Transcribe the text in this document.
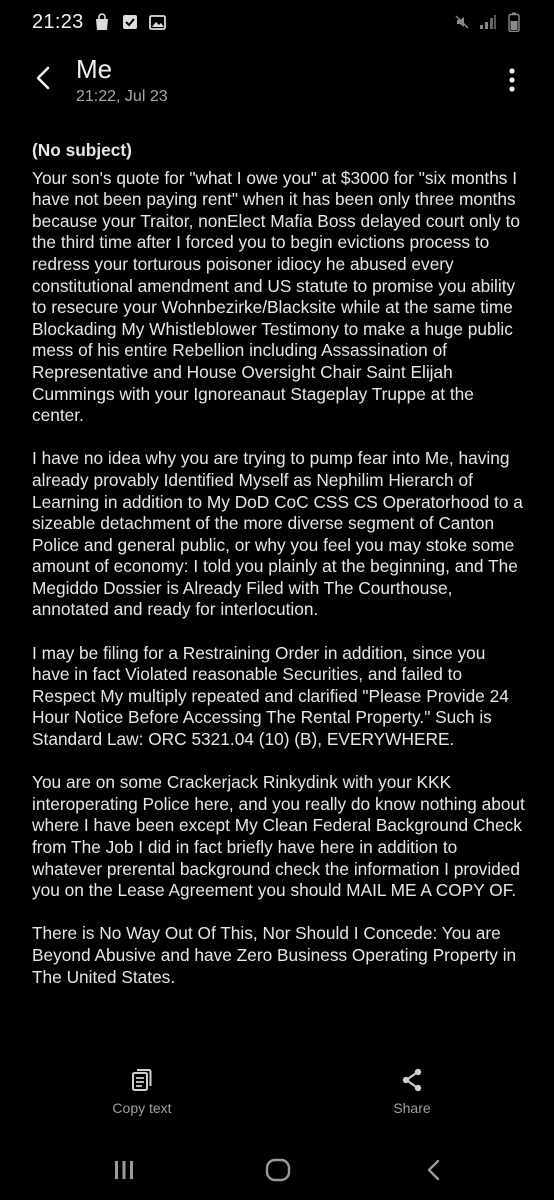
21:23
Me
21:22, Jul 23

(No subject)

Your son's quote for "what I owe you" at $3000 for "six months I have not been paying rent" when it has been only three months because your Traitor, nonElect Mafia Boss delayed court only to the third time after I forced you to begin evictions process to redress your torturous poisoner idiocy he abused every constitutional amendment and US statute to promise you ability to resecure your Wohnbezirke/Blacksite while at the same time Blockading My Whistleblower Testimony to make a huge public mess of his entire Rebellion including Assassination of Representative and House Oversight Chair Saint Elijah Cummings with your Ignoreanaut Stageplay Truppe at the center.

I have no idea why you are trying to pump fear into Me, having already provably Identified Myself as Nephilim Hierarch of Learning in addition to My DoD CoC CSS CS Operatorhood to a sizeable detachment of the more diverse segment of Canton Police and general public, or why you feel you may stoke some amount of economy: I told you plainly at the beginning, and The Megiddo Dossier is Already Filed with The Courthouse, annotated and ready for interlocution.

I may be filing for a Restraining Order in addition, since you have in fact Violated reasonable Securities, and failed to Respect My multiply repeated and clarified "Please Provide 24 Hour Notice Before Accessing The Rental Property." Such is Standard Law: ORC 5321.04 (10) (B), EVERYWHERE.

You are on some Crackerjack Rinkydink with your KKK interoperating Police here, and you really do know nothing about where I have been except My Clean Federal Background Check from The Job I did in fact briefly have here in addition to whatever prerental background check the information I provided you on the Lease Agreement you should MAIL ME A COPY OF.

There is No Way Out Of This, Nor Should I Concede: You are Beyond Abusive and have Zero Business Operating Property in The United States.

Copy text	Share
